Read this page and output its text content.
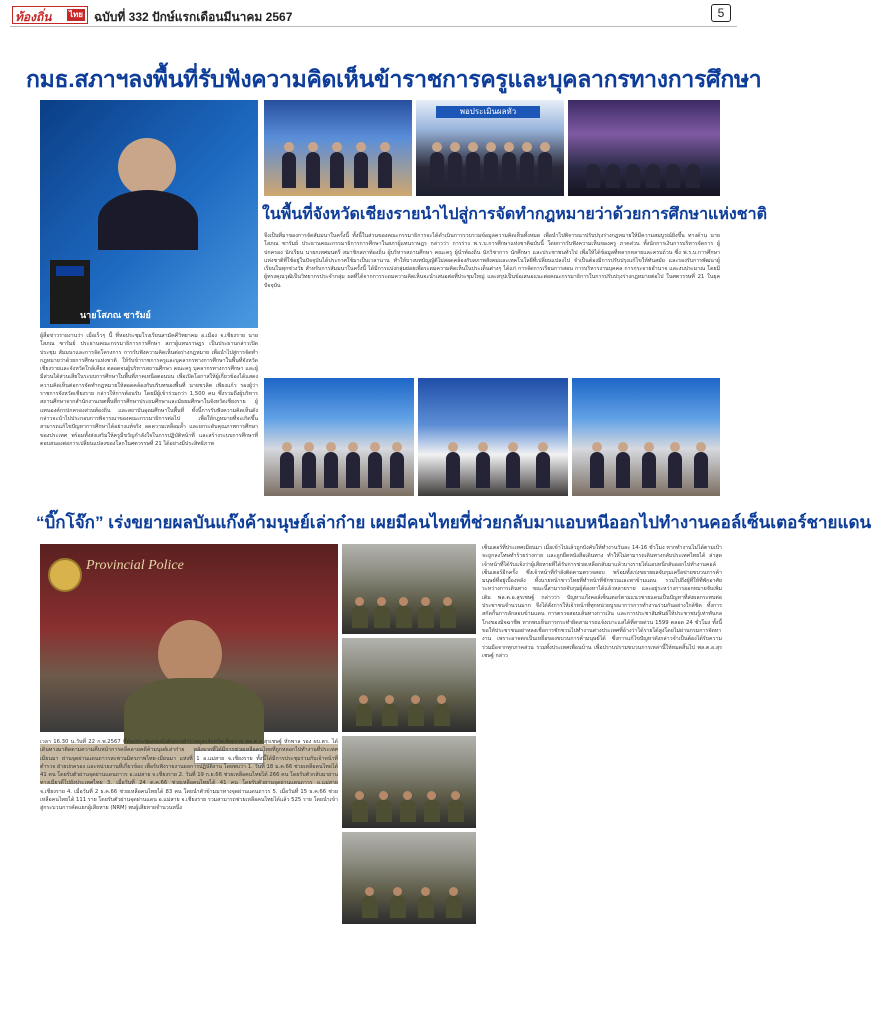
ท้องถิ่น ไทย ฉบับที่ 332 ปักษ์แรกเดือนมีนาคม 2567	5
กมธ.สภาฯลงพื้นที่รับฟังความคิดเห็นข้าราชการครูและบุคลากรทางการศึกษา
นายโสภณ ซารัมย์
พอประเมินผลหัว
ในพื้นที่จังหวัดเชียงรายนำไปสู่การจัดทำกฎหมายว่าด้วยการศึกษาแห่งชาติ
ผู้สื่อข่าวรายงานว่า เมื่อเร็วๆ นี้ ที่หอประชุมโรงเรียนสามัคคีวิทยาคม อ.เมือง จ.เชียงราย นายโสภณ ซารัมย์ ประธานคณะกรรมาธิการการศึกษา สภาผู้แทนราษฎร เป็นประธานกล่าวเปิดประชุม สัมมนาและการจัดโครงการ การรับฟังความคิดเห็นต่อร่างกฎหมาย เพื่อนำไปสู่การจัดทำกฎหมายว่าด้วยการศึกษาแห่งชาติ ให้รับข้าราชการครูและบุคลากรทางการศึกษาในพื้นที่จังหวัดเชียงรายและจังหวัดใกล้เคียง ตลอดจนผู้บริหารสถานศึกษา คณะครู บุคลากรทางการศึกษา และผู้มีส่วนได้ส่วนเสียในระบบการศึกษาในพื้นที่ภาคเหนือตอนบน เพื่อเปิดโอกาสให้ผู้เกี่ยวข้องได้แสดงความคิดเห็นต่อการจัดทำกฎหมายให้สอดคล้องกับบริบทของพื้นที่ นายชวลิต เพียงแก้ว รองผู้ว่าราชการจังหวัดเชียงราย กล่าวให้การต้อนรับ โดยมีผู้เข้าร่วมกว่า 1,500 คน ซึ่งรวมถึงผู้บริหารสถานศึกษาจากสำนักงานเขตพื้นที่การศึกษาประถมศึกษาและมัธยมศึกษาในจังหวัดเชียงราย ผู้แทนองค์กรปกครองส่วนท้องถิ่น และสถาบันอุดมศึกษาในพื้นที่ ทั้งนี้การรับฟังความคิดเห็นดังกล่าวจะนำไปประกอบการพิจารณาของคณะกรรมาธิการต่อไป เพื่อให้กฎหมายที่จะเกิดขึ้นสามารถแก้ไขปัญหาการศึกษาได้อย่างแท้จริง ลดความเหลื่อมล้ำ และยกระดับคุณภาพการศึกษาของประเทศ พร้อมทั้งส่งเสริมให้ครูมีขวัญกำลังใจในการปฏิบัติหน้าที่ และสร้างระบบการศึกษาที่ตอบสนองต่อการเปลี่ยนแปลงของโลกในศตวรรษที่ 21 ได้อย่างมีประสิทธิภาพ
จึงเป็นที่มาของการจัดสัมมนาในครั้งนี้ ทั้งนี้ในส่วนของคณะกรรมาธิการจะได้ดำเนินการรวบรวมข้อมูลความคิดเห็นทั้งหมด เพื่อนำไปพิจารณาปรับปรุงร่างกฎหมายให้มีความสมบูรณ์ยิ่งขึ้น ทางด้าน นายโสภณ ซารัมย์ ประธานคณะกรรมาธิการการศึกษาในสภาผู้แทนราษฎร กล่าวว่า การร่าง พ.ร.บ.การศึกษาแห่งชาติฉบับนี้ โดยการรับฟังความเห็นของครู ภาคส่วน ทั้งนักการเงินการบริหารจัดการ ผู้ปกครอง นักเรียน นายกเทศมนตรี สมาชิกสภาท้องถิ่น ผู้บริหารสถานศึกษา คณะครู ผู้นำท้องถิ่น นักวิชาการ นักศึกษา และประชาชนทั่วไป เพื่อให้ได้ข้อมูลที่หลากหลายและครบถ้วน ซึ่ง พ.ร.บ.การศึกษาแห่งชาติที่ใช้อยู่ในปัจจุบันได้ประกาศใช้มาเป็นเวลานาน ทำให้บางบทบัญญัติไม่สอดคล้องกับสภาพสังคมและเทคโนโลยีที่เปลี่ยนแปลงไป จำเป็นต้องมีการปรับปรุงแก้ไขให้ทันสมัย และรองรับการพัฒนาผู้เรียนในทุกช่วงวัย สำหรับการสัมมนาในครั้งนี้ ได้มีการแบ่งกลุ่มย่อยเพื่อระดมความคิดเห็นในประเด็นต่างๆ ได้แก่ การจัดการเรียนการสอน การบริหารงานบุคคล การกระจายอำนาจ และงบประมาณ โดยมีผู้ทรงคุณวุฒิเป็นวิทยากรประจำกลุ่ม ผลที่ได้จากการระดมความคิดเห็นจะนำเสนอต่อที่ประชุมใหญ่ และสรุปเป็นข้อเสนอแนะต่อคณะกรรมาธิการในการปรับปรุงร่างกฎหมายต่อไป ในศตวรรษที่ 21 ในยุคปัจจุบัน
“บิ๊กโจ๊ก” เร่งขยายผลบันแก๊งค้ามนุษย์เล่าก๋าย เผยมีคนไทยที่ช่วยกลับมาแอบหนีออกไปทำงานคอล์เซ็นเตอร์ชายแดน
Provincial Police
เวลา 16.30 น.วันที่ 22 ก.พ.2567 ที่ห้องประชุมกองบังคับการตำรวจภูธรจังหวัดเชียงราย พล.ต.อ.สุรเชษฐ์ หักพาล รอง ผบ.ตร. ได้เดินทางมาติดตามความคืบหน้าการคลี่คลายคดีค้ามนุษย์เล่าก๋าย หลังจากที่ได้มีการช่วยเหลือคนไทยที่ถูกหลอกไปทำงานที่ประเทศเมียนมา ผ่านจุดผ่านแดนถาวรสะพานมิตรภาพไทย-เมียนมา แห่งที่ 1 อ.แม่สาย จ.เชียงราย ทั้งนี้ได้มีการประชุมร่วมกับเจ้าหน้าที่ตำรวจ ฝ่ายปกครอง และหน่วยงานที่เกี่ยวข้อง เพื่อรับฟังรายงานผลการปฏิบัติงาน โดยพบว่า 1. วันที่ 18 ม.ค.66 ช่วยเหลือคนไทยได้ 41 คน โดยรับตัวผ่านจุดผ่านแดนถาวร อ.แม่สาย จ.เชียงราย 2. วันที่ 19 ก.ย.66 ช่วยเหลือคนไทยได้ 266 คน โดยรับตัวกลับมาผ่านทางเมียวดีไปยังประเทศไทย 3. เมื่อวันที่ 24 ต.ค.66 ช่วยเหลือคนไทยได้ 41 คน โดยรับตัวผ่านจุดผ่านแดนถาวร อ.แม่สาย จ.เชียงราย 4. เมื่อวันที่ 2 ธ.ค.66 ช่วยเหลือคนไทยได้ 83 คน โดยนำตัวข้ามมาทางจุดผ่านแดนถาวร 5. เมื่อวันที่ 15 ธ.ค.66 ช่วยเหลือคนไทยได้ 111 ราย โดยรับตัวผ่านจุดผ่านแดน อ.แม่สาย จ.เชียงราย รวมสามารถช่วยเหลือคนไทยได้แล้ว 525 ราย โดยนำเข้าสู่กระบวนการคัดแยกผู้เสียหาย (NRM) พบผู้เสียหายจำนวนหนึ่ง
เซ็นเตอร์ที่ประเทศเมียนมา เมื่อเข้าไปแล้วถูกบังคับให้ทำงานวันละ 14-16 ชั่วโมง หากทำงานไม่ได้ตามเป้าจะถูกลงโทษทำร้ายร่างกาย และถูกยึดหนังสือเดินทาง ทำให้ไม่สามารถเดินทางกลับประเทศไทยได้ ล่าสุดเจ้าหน้าที่ได้รับแจ้งว่าผู้เสียหายที่ได้รับการช่วยเหลือกลับมาแล้วบางรายได้แอบหนีกลับออกไปทำงานคอล์เซ็นเตอร์อีกครั้ง ซึ่งเจ้าหน้าที่กำลังติดตามตรวจสอบ พร้อมทั้งเร่งขยายผลจับกุมเครือข่ายขบวนการค้ามนุษย์ที่อยู่เบื้องหลัง ทั้งนายหน้าชาวไทยที่ทำหน้าที่ชักชวนและพาข้ามแดน รวมไปถึงผู้ที่ให้ที่พักอาศัยระหว่างการเดินทาง ขณะนี้สามารถจับกุมผู้ต้องหาได้แล้วหลายราย และอยู่ระหว่างการออกหมายจับเพิ่มเติม พล.ต.อ.สุรเชษฐ์ กล่าวว่า ปัญหาแก๊งคอล์เซ็นเตอร์ตามแนวชายแดนเป็นปัญหาที่ส่งผลกระทบต่อประชาชนจำนวนมาก จึงได้สั่งการให้เจ้าหน้าที่ทุกหน่วยบูรณาการการทำงานร่วมกันอย่างใกล้ชิด ทั้งการสกัดกั้นการลักลอบข้ามแดน การตรวจสอบเส้นทางการเงิน และการประชาสัมพันธ์ให้ประชาชนรู้เท่าทันกลโกงของมิจฉาชีพ หากพบเห็นการกระทำผิดสามารถแจ้งเบาะแสได้ที่สายด่วน 1599 ตลอด 24 ชั่วโมง ทั้งนี้ขอให้ประชาชนอย่าหลงเชื่อการชักชวนไปทำงานต่างประเทศที่อ้างว่าได้รายได้สูงโดยไม่ผ่านกรมการจัดหางาน เพราะอาจตกเป็นเหยื่อของขบวนการค้ามนุษย์ได้ ซึ่งการแก้ไขปัญหาดังกล่าวจำเป็นต้องได้รับความร่วมมือจากทุกภาคส่วน รวมทั้งประเทศเพื่อนบ้าน เพื่อปราบปรามขบวนการเหล่านี้ให้หมดสิ้นไป พล.ต.อ.สุรเชษฐ์ กล่าว
